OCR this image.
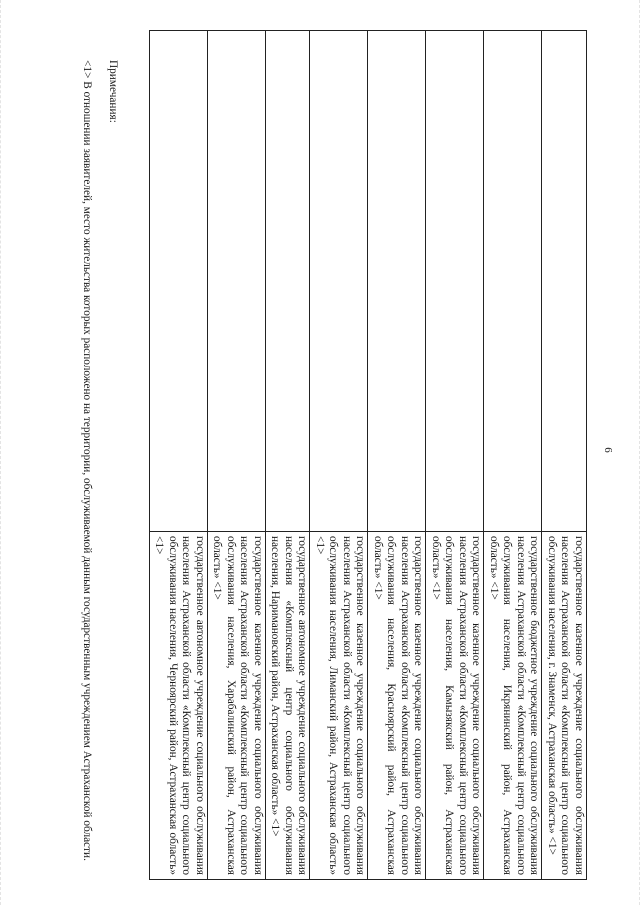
6
государственное казенное учреждение социального обслуживания населения Астраханской области «Комплексный центр социального обслуживания населения, г. Знаменск, Астраханская область» <1>
государственное бюджетное учреждение социального обслуживания населения Астраханской области «Комплексный центр социального обслуживания населения, Икрянинский район, Астраханская область» <1>
государственное казенное учреждение социального обслуживания населения Астраханской области «Комплексный центр социального обслуживания населения, Камызякский район, Астраханская область» <1>
государственное казенное учреждение социального обслуживания населения Астраханской области «Комплексный центр социального обслуживания населения, Красноярский район, Астраханская область» <1>
государственное казенное учреждение социального обслуживания населения Астраханской области «Комплексный центр социального обслуживания населения, Лиманский район, Астраханская область» <1>
государственное автономное учреждение социального обслуживания населения «Комплексный центр социального обслуживания населения, Наримановский район, Астраханская область» <1>
государственное казенное учреждение социального обслуживания населения Астраханской области «Комплексный центр социального обслуживания населения, Харабалинский район, Астраханская область» <1>
государственное автономное учреждение социального обслуживания населения Астраханской области «Комплексный центр социального обслуживания населения, Черноярский район, Астраханская область» <1>
Примечания:
<1> В отношении заявителей, место жительства которых расположено на территории, обслуживаемой данным государственным учреждением Астраханской области.
